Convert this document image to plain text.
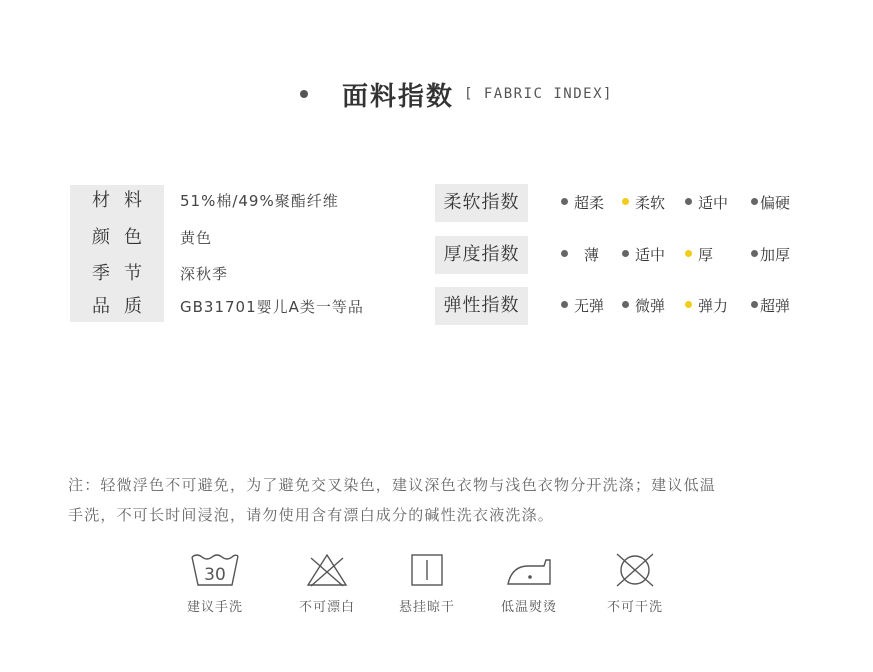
面料指数 [ FABRIC INDEX]
材料	51%棉/49%聚酯纤维
颜色	黄色
季节	深秋季
品质	GB31701婴儿A类一等品
柔软指数	超柔	柔软	适中	偏硬
厚度指数	薄	适中	厚	加厚
弹性指数	无弹	微弹	弹力	超弹
注：轻微浮色不可避免，为了避免交叉染色，建议深色衣物与浅色衣物分开洗涤；建议低温
手洗，不可长时间浸泡，请勿使用含有漂白成分的碱性洗衣液洗涤。
30
建议手洗	不可漂白	悬挂晾干	低温熨烫	不可干洗
